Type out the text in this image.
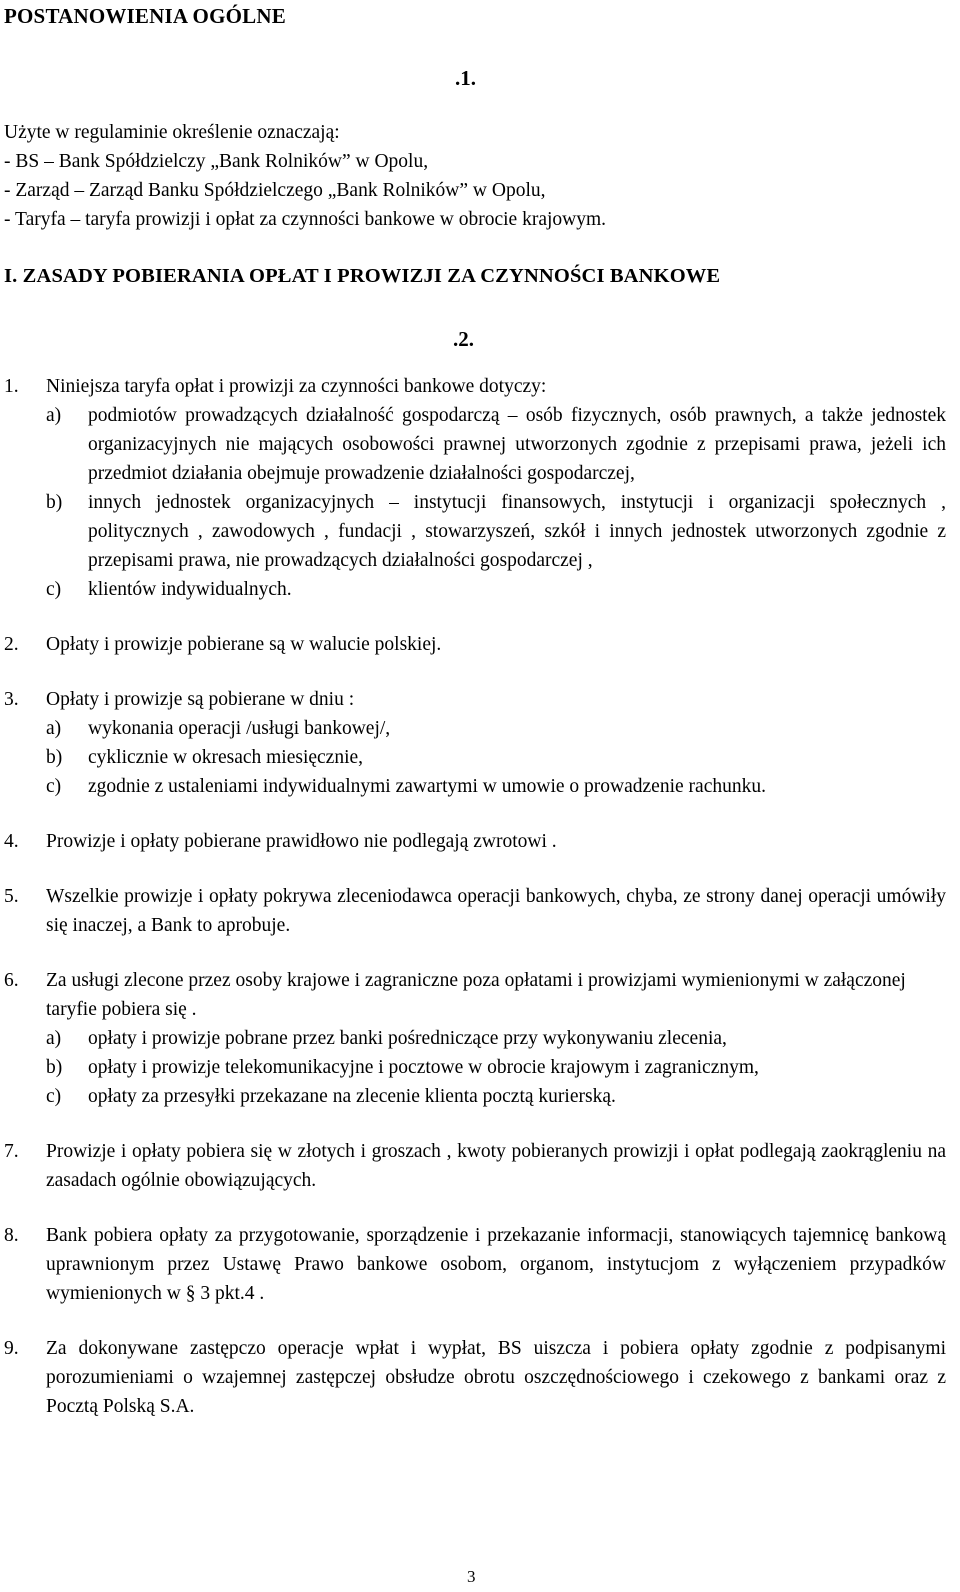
POSTANOWIENIA OGÓLNE
.1.
Użyte w regulaminie określenie oznaczają:
- BS – Bank Spółdzielczy „Bank Rolników” w Opolu,
- Zarząd – Zarząd Banku Spółdzielczego „Bank Rolników” w Opolu,
- Taryfa – taryfa prowizji i opłat za czynności bankowe w obrocie krajowym.
I. ZASADY POBIERANIA OPŁAT I PROWIZJI ZA CZYNNOŚCI BANKOWE
.2.
1. Niniejsza taryfa opłat i prowizji za czynności bankowe dotyczy:
a) podmiotów prowadzących działalność gospodarczą – osób fizycznych, osób prawnych, a także jednostek organizacyjnych nie mających osobowości prawnej utworzonych zgodnie z przepisami prawa, jeżeli ich przedmiot działania obejmuje prowadzenie działalności gospodarczej,
b) innych jednostek organizacyjnych – instytucji finansowych, instytucji i organizacji społecznych , politycznych , zawodowych , fundacji , stowarzyszeń, szkół i innych jednostek utworzonych zgodnie z przepisami prawa, nie prowadzących działalności gospodarczej ,
c) klientów indywidualnych.
2. Opłaty i prowizje pobierane są w walucie polskiej.
3. Opłaty i prowizje są pobierane w dniu :
a) wykonania operacji /usługi bankowej/,
b) cyklicznie w okresach miesięcznie,
c) zgodnie z ustaleniami indywidualnymi zawartymi w umowie o prowadzenie rachunku.
4. Prowizje i opłaty pobierane prawidłowo nie podlegają zwrotowi .
5. Wszelkie prowizje i opłaty pokrywa zleceniodawca operacji bankowych, chyba, ze strony danej operacji umówiły się inaczej, a Bank to aprobuje.
6. Za usługi zlecone przez osoby krajowe i zagraniczne poza opłatami i prowizjami wymienionymi w załączonej taryfie pobiera się .
a) opłaty i prowizje pobrane przez banki pośredniczące przy wykonywaniu zlecenia,
b) opłaty i prowizje telekomunikacyjne i pocztowe w obrocie krajowym i zagranicznym,
c) opłaty za przesyłki przekazane na zlecenie klienta pocztą kurierską.
7. Prowizje i opłaty pobiera się w złotych i groszach , kwoty pobieranych prowizji i opłat podlegają zaokrągleniu na zasadach ogólnie obowiązujących.
8. Bank pobiera opłaty za przygotowanie, sporządzenie i przekazanie informacji, stanowiących tajemnicę bankową uprawnionym przez Ustawę Prawo bankowe osobom, organom, instytucjom z wyłączeniem przypadków wymienionych w § 3 pkt.4 .
9. Za dokonywane zastępczo operacje wpłat i wypłat, BS uiszcza i pobiera opłaty zgodnie z podpisanymi porozumieniami o wzajemnej zastępczej obsłudze obrotu oszczędnościowego i czekowego z bankami oraz z Pocztą Polską S.A.
3
